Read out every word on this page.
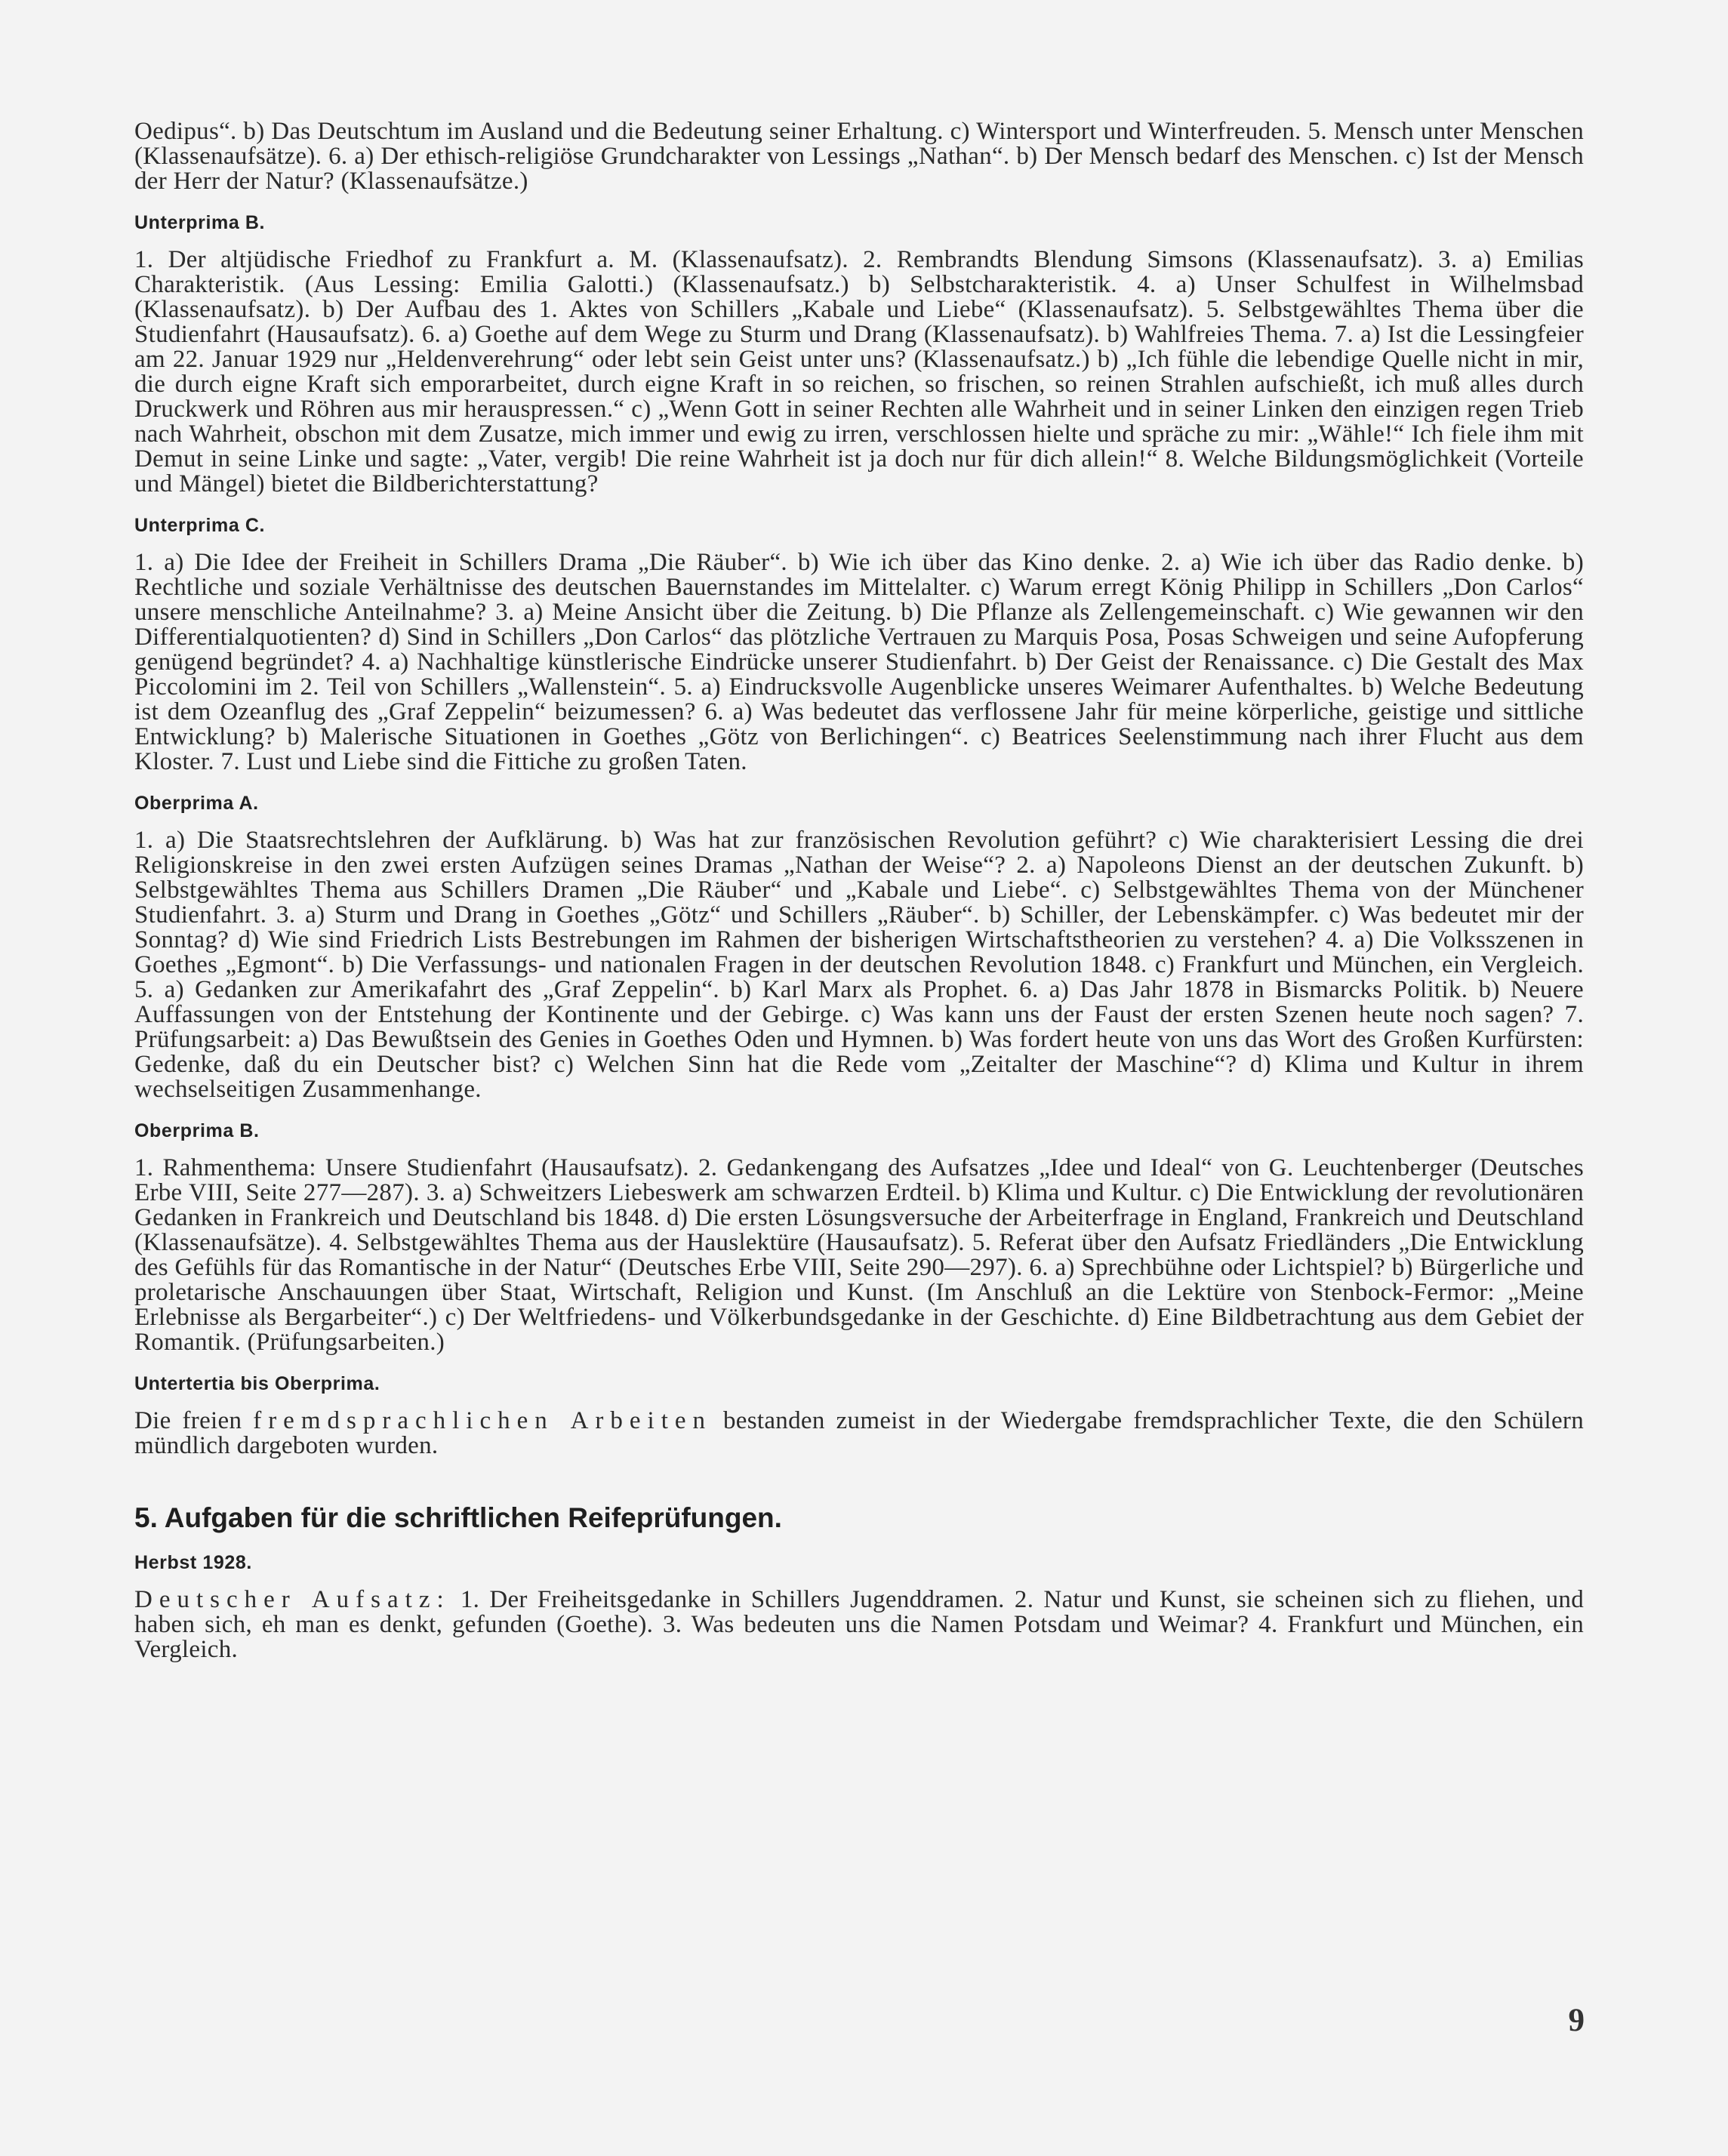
Oedipus“. b) Das Deutschtum im Ausland und die Bedeutung seiner Erhaltung. c) Wintersport und Winterfreuden. 5. Mensch unter Menschen (Klassenaufsätze). 6. a) Der ethisch-religiöse Grundcharakter von Lessings „Nathan“. b) Der Mensch bedarf des Menschen. c) Ist der Mensch der Herr der Natur? (Klassenaufsätze.)

Unterprima B.

1. Der altjüdische Friedhof zu Frankfurt a. M. (Klassenaufsatz). 2. Rembrandts Blendung Simsons (Klassenaufsatz). 3. a) Emilias Charakteristik. (Aus Lessing: Emilia Galotti.) (Klassenaufsatz.) b) Selbstcharakteristik. 4. a) Unser Schulfest in Wilhelmsbad (Klassenaufsatz). b) Der Aufbau des 1. Aktes von Schillers „Kabale und Liebe“ (Klassenaufsatz). 5. Selbstgewähltes Thema über die Studienfahrt (Hausaufsatz). 6. a) Goethe auf dem Wege zu Sturm und Drang (Klassenaufsatz). b) Wahlfreies Thema. 7. a) Ist die Lessingfeier am 22. Januar 1929 nur „Heldenverehrung“ oder lebt sein Geist unter uns? (Klassenaufsatz.) b) „Ich fühle die lebendige Quelle nicht in mir, die durch eigne Kraft sich emporarbeitet, durch eigne Kraft in so reichen, so frischen, so reinen Strahlen aufschießt, ich muß alles durch Druckwerk und Röhren aus mir herauspressen.“ c) „Wenn Gott in seiner Rechten alle Wahrheit und in seiner Linken den einzigen regen Trieb nach Wahrheit, obschon mit dem Zusatze, mich immer und ewig zu irren, verschlossen hielte und spräche zu mir: „Wähle!“ Ich fiele ihm mit Demut in seine Linke und sagte: „Vater, vergib! Die reine Wahrheit ist ja doch nur für dich allein!“ 8. Welche Bildungsmöglichkeit (Vorteile und Mängel) bietet die Bildberichterstattung?

Unterprima C.

1. a) Die Idee der Freiheit in Schillers Drama „Die Räuber“. b) Wie ich über das Kino denke. 2. a) Wie ich über das Radio denke. b) Rechtliche und soziale Verhältnisse des deutschen Bauernstandes im Mittelalter. c) Warum erregt König Philipp in Schillers „Don Carlos“ unsere menschliche Anteilnahme? 3. a) Meine Ansicht über die Zeitung. b) Die Pflanze als Zellengemeinschaft. c) Wie gewannen wir den Differentialquotienten? d) Sind in Schillers „Don Carlos“ das plötzliche Vertrauen zu Marquis Posa, Posas Schweigen und seine Aufopferung genügend begründet? 4. a) Nachhaltige künstlerische Eindrücke unserer Studienfahrt. b) Der Geist der Renaissance. c) Die Gestalt des Max Piccolomini im 2. Teil von Schillers „Wallenstein“. 5. a) Eindrucksvolle Augenblicke unseres Weimarer Aufenthaltes. b) Welche Bedeutung ist dem Ozeanflug des „Graf Zeppelin“ beizumessen? 6. a) Was bedeutet das verflossene Jahr für meine körperliche, geistige und sittliche Entwicklung? b) Malerische Situationen in Goethes „Götz von Berlichingen“. c) Beatrices Seelenstimmung nach ihrer Flucht aus dem Kloster. 7. Lust und Liebe sind die Fittiche zu großen Taten.

Oberprima A.

1. a) Die Staatsrechtslehren der Aufklärung. b) Was hat zur französischen Revolution geführt? c) Wie charakterisiert Lessing die drei Religionskreise in den zwei ersten Aufzügen seines Dramas „Nathan der Weise“? 2. a) Napoleons Dienst an der deutschen Zukunft. b) Selbstgewähltes Thema aus Schillers Dramen „Die Räuber“ und „Kabale und Liebe“. c) Selbstgewähltes Thema von der Münchener Studienfahrt. 3. a) Sturm und Drang in Goethes „Götz“ und Schillers „Räuber“. b) Schiller, der Lebenskämpfer. c) Was bedeutet mir der Sonntag? d) Wie sind Friedrich Lists Bestrebungen im Rahmen der bisherigen Wirtschaftstheorien zu verstehen? 4. a) Die Volksszenen in Goethes „Egmont“. b) Die Verfassungs- und nationalen Fragen in der deutschen Revolution 1848. c) Frankfurt und München, ein Vergleich. 5. a) Gedanken zur Amerikafahrt des „Graf Zeppelin“. b) Karl Marx als Prophet. 6. a) Das Jahr 1878 in Bismarcks Politik. b) Neuere Auffassungen von der Entstehung der Kontinente und der Gebirge. c) Was kann uns der Faust der ersten Szenen heute noch sagen? 7. Prüfungsarbeit: a) Das Bewußtsein des Genies in Goethes Oden und Hymnen. b) Was fordert heute von uns das Wort des Großen Kurfürsten: Gedenke, daß du ein Deutscher bist? c) Welchen Sinn hat die Rede vom „Zeitalter der Maschine“? d) Klima und Kultur in ihrem wechselseitigen Zusammenhange.

Oberprima B.

1. Rahmenthema: Unsere Studienfahrt (Hausaufsatz). 2. Gedankengang des Aufsatzes „Idee und Ideal“ von G. Leuchtenberger (Deutsches Erbe VIII, Seite 277—287). 3. a) Schweitzers Liebeswerk am schwarzen Erdteil. b) Klima und Kultur. c) Die Entwicklung der revolutionären Gedanken in Frankreich und Deutschland bis 1848. d) Die ersten Lösungsversuche der Arbeiterfrage in England, Frankreich und Deutschland (Klassenaufsätze). 4. Selbstgewähltes Thema aus der Hauslektüre (Hausaufsatz). 5. Referat über den Aufsatz Friedländers „Die Entwicklung des Gefühls für das Romantische in der Natur“ (Deutsches Erbe VIII, Seite 290—297). 6. a) Sprechbühne oder Lichtspiel? b) Bürgerliche und proletarische Anschauungen über Staat, Wirtschaft, Religion und Kunst. (Im Anschluß an die Lektüre von Stenbock-Fermor: „Meine Erlebnisse als Bergarbeiter“.) c) Der Weltfriedens- und Völkerbundsgedanke in der Geschichte. d) Eine Bildbetrachtung aus dem Gebiet der Romantik. (Prüfungsarbeiten.)

Untertertia bis Oberprima.

Die freien fremdsprachlichen Arbeiten bestanden zumeist in der Wiedergabe fremdsprachlicher Texte, die den Schülern mündlich dargeboten wurden.

5. Aufgaben für die schriftlichen Reifeprüfungen.

Herbst 1928.

Deutscher Aufsatz: 1. Der Freiheitsgedanke in Schillers Jugenddramen. 2. Natur und Kunst, sie scheinen sich zu fliehen, und haben sich, eh man es denkt, gefunden (Goethe). 3. Was bedeuten uns die Namen Potsdam und Weimar? 4. Frankfurt und München, ein Vergleich.

9
